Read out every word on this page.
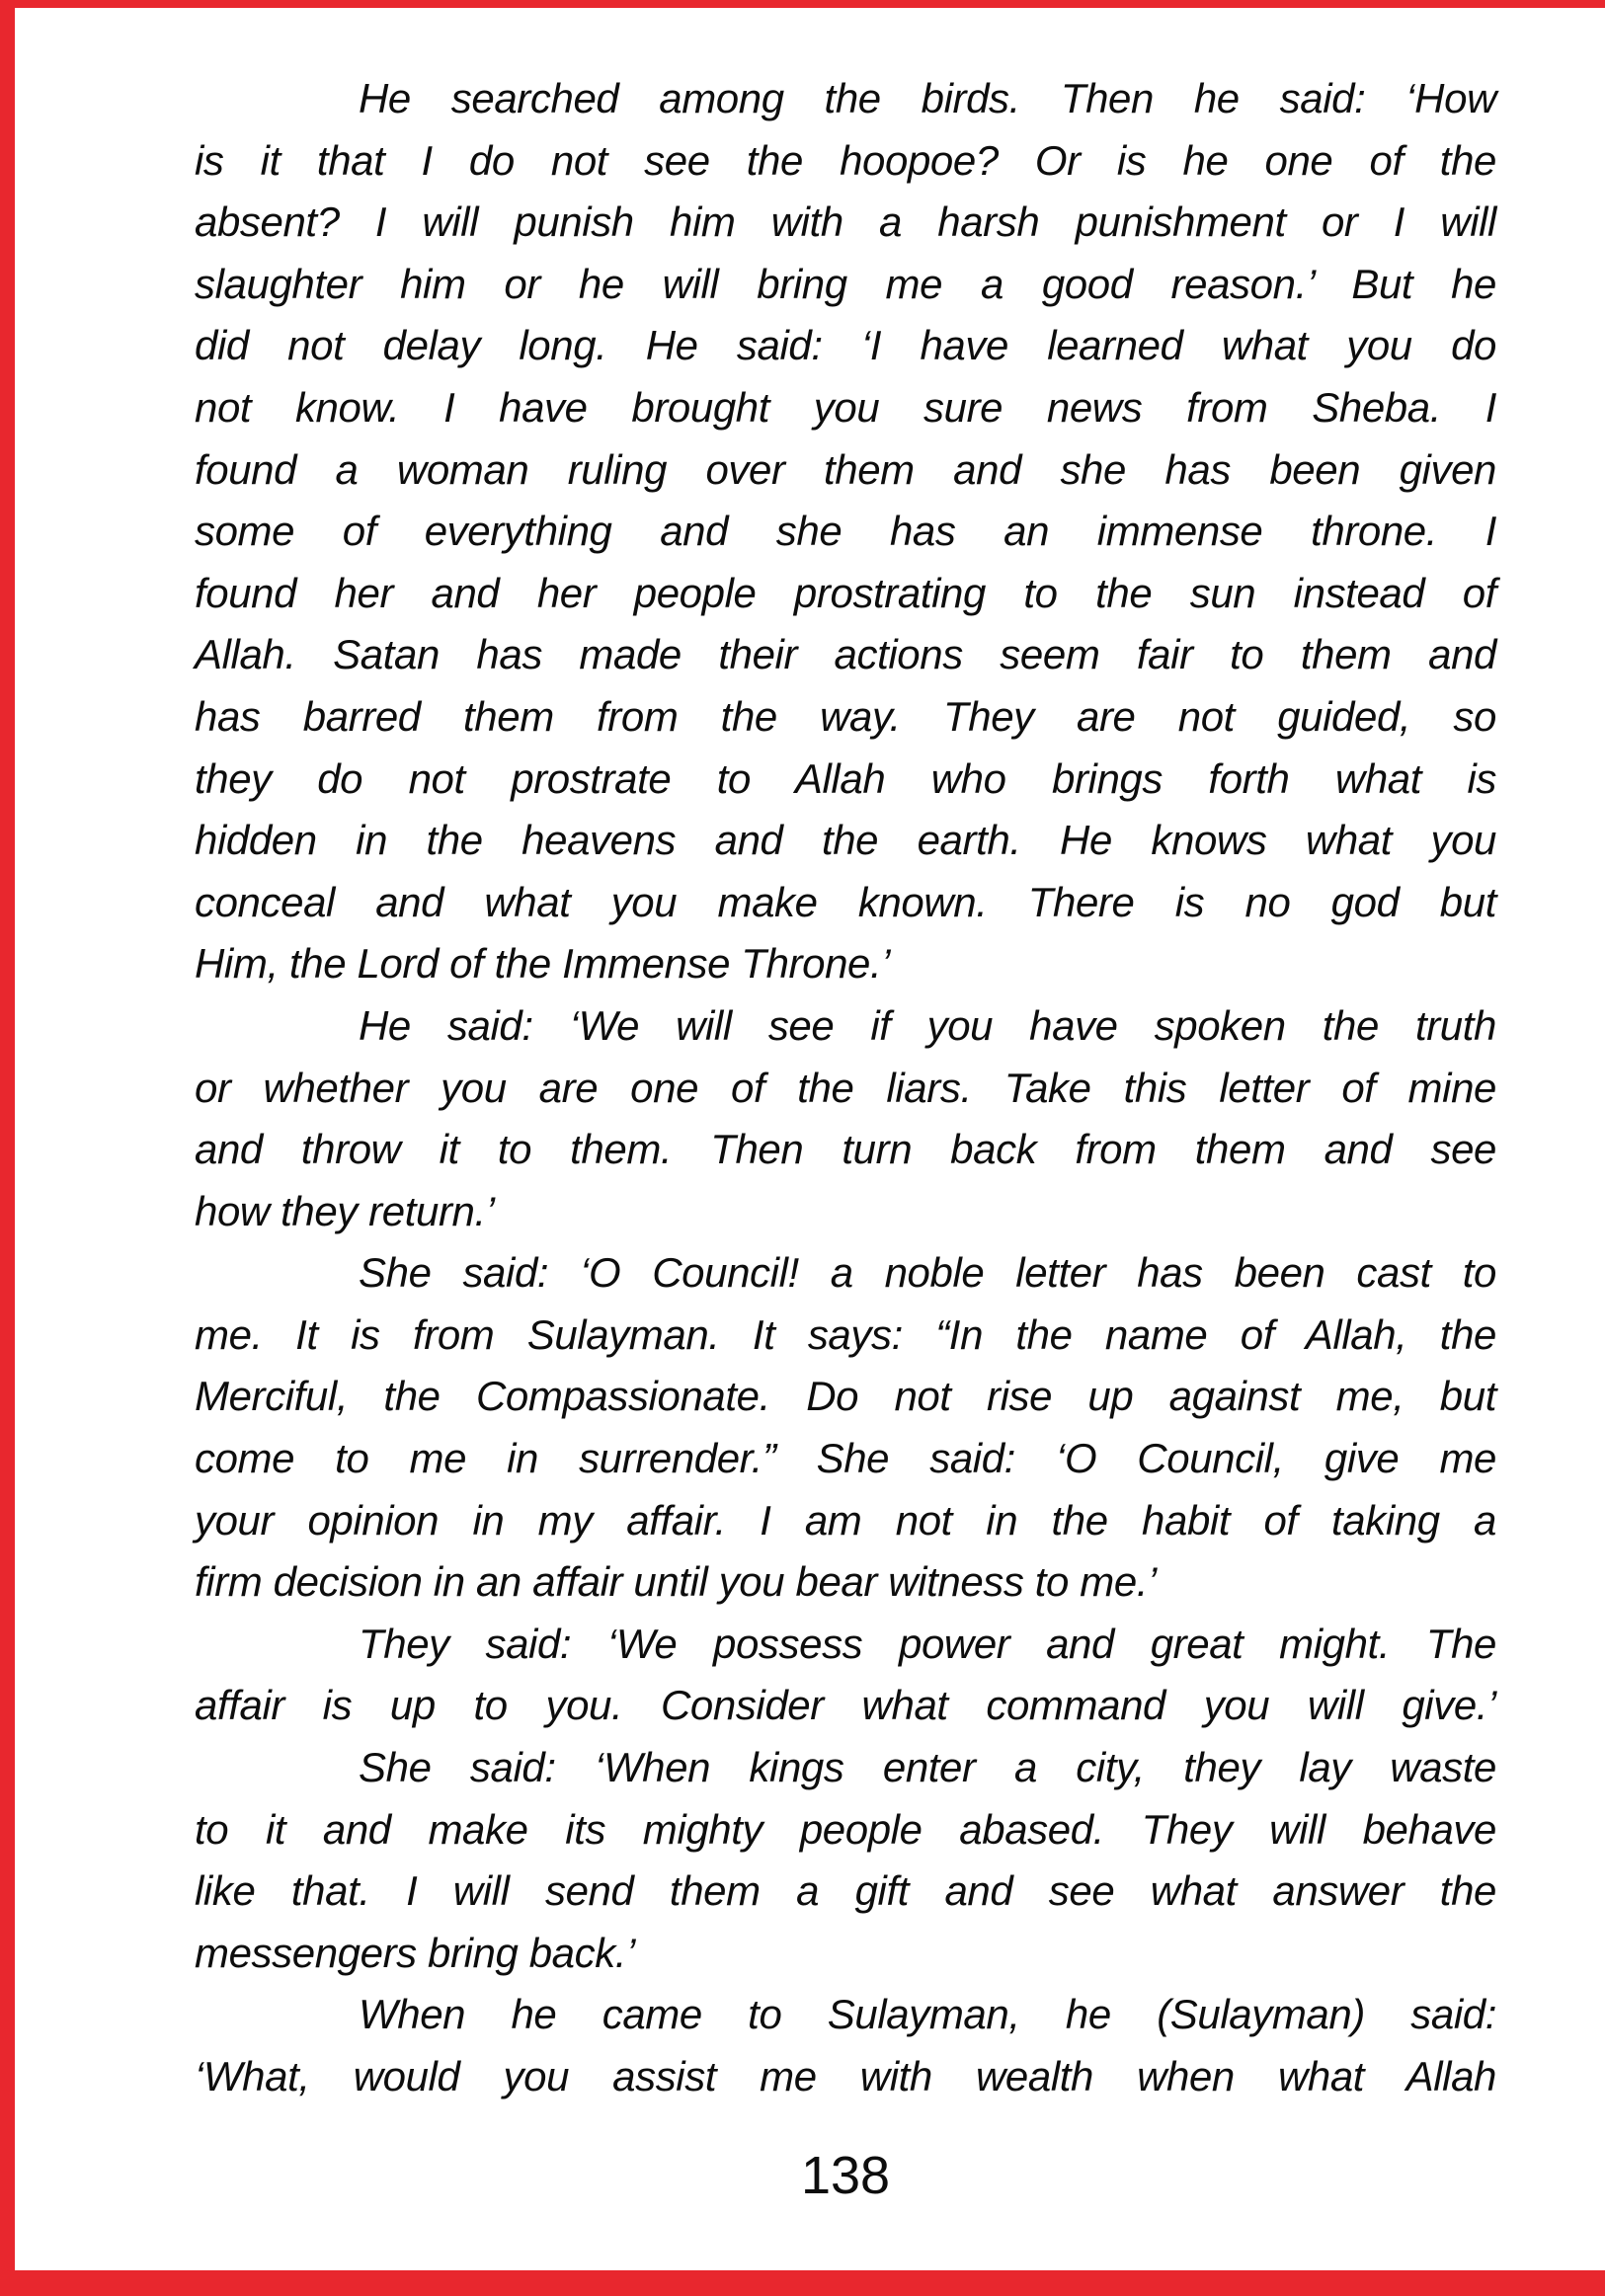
He searched among the birds. Then he said: ‘How
is it that I do not see the hoopoe? Or is he one of the
absent? I will punish him with a harsh punishment or I will
slaughter him or he will bring me a good reason.’ But he
did not delay long. He said: ‘I have learned what you do
not know. I have brought you sure news from Sheba. I
found a woman ruling over them and she has been given
some of everything and she has an immense throne. I
found her and her people prostrating to the sun instead of
Allah. Satan has made their actions seem fair to them and
has barred them from the way. They are not guided, so
they do not prostrate to Allah who brings forth what is
hidden in the heavens and the earth. He knows what you
conceal and what you make known. There is no god but
Him, the Lord of the Immense Throne.’
He said: ‘We will see if you have spoken the truth
or whether you are one of the liars. Take this letter of mine
and throw it to them. Then turn back from them and see
how they return.’
She said: ‘O Council! a noble letter has been cast to
me. It is from Sulayman. It says: “In the name of Allah, the
Merciful, the Compassionate. Do not rise up against me, but
come to me in surrender.” She said: ‘O Council, give me
your opinion in my affair. I am not in the habit of taking a
firm decision in an affair until you bear witness to me.’
They said: ‘We possess power and great might. The
affair is up to you. Consider what command you will give.’
She said: ‘When kings enter a city, they lay waste
to it and make its mighty people abased. They will behave
like that. I will send them a gift and see what answer the
messengers bring back.’
When he came to Sulayman, he (Sulayman) said:
‘What, would you assist me with wealth when what Allah
138
